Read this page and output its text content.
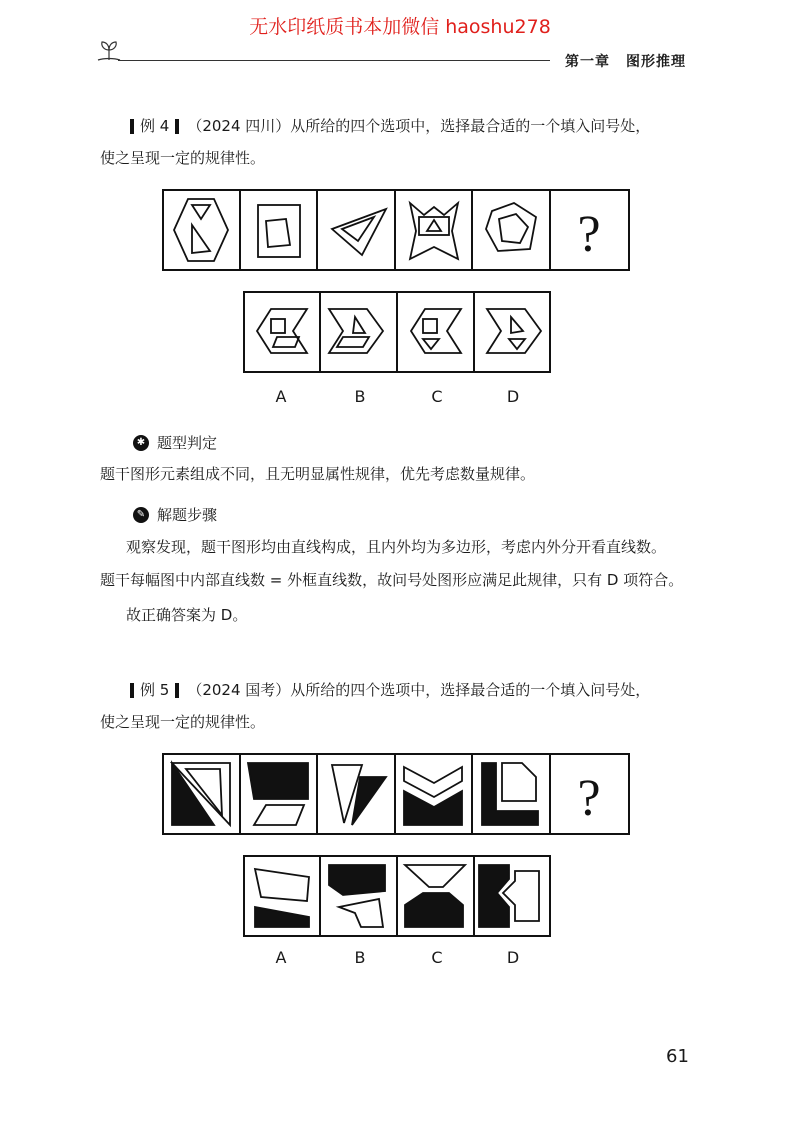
无水印纸质书本加微信 haoshu278
第一章 图形推理
例 4 （2024 四川） 从所给的四个选项中，选择最合适的一个填入问号处，
使之呈现一定的规律性。
?
A	B	C	D
✱ 题型判定
题干图形元素组成不同，且无明显属性规律，优先考虑数量规律。
✎ 解题步骤
观察发现，题干图形均由直线构成，且内外均为多边形，考虑内外分开看直线数。
题干每幅图中内部直线数 = 外框直线数，故问号处图形应满足此规律，只有 D 项符合。
故正确答案为 D。
例 5 （2024 国考） 从所给的四个选项中，选择最合适的一个填入问号处，
使之呈现一定的规律性。
?
A	B	C	D
61
